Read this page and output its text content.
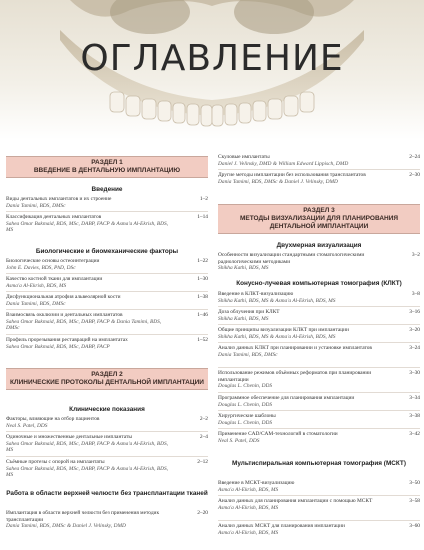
ОГЛАВЛЕНИЕ
РАЗДЕЛ 1
ВВЕДЕНИЕ В ДЕНТАЛЬНУЮ ИМПЛАНТАЦИЮ
Введение
Виды дентальных имплантатов и их строение
Dania Tamimi, BDS, DMSc
1–2
Классификация дентальных имплантатов
Sahea Omar Bakmaid, BDS, MSc, DABP, FACP & Asma'a Al-Ekrish, BDS, MS
1–14
Биологические и биомеханические факторы
Биологические основы остеоинтеграции
John E. Davies, BDS, PhD, DSc
1–22
Качество костной ткани для имплантации
Asma'a Al-Ekrish, BDS, MS
1–30
Дисфункциональная атрофия альвеолярной кости
Dania Tamimi, BDS, DMSc
1–38
Взаимосвязь окклюзии и дентальных имплантатов
Sahea Omar Bakmaid, BDS, MSc, DABP, FACP & Dania Tamimi, BDS, DMSc
1–46
Профиль прорезывания реставраций на имплантатах
Sahea Omar Bakmaid, BDS, MSc, DABP, FACP
1–52
РАЗДЕЛ 2
КЛИНИЧЕСКИЕ ПРОТОКОЛЫ ДЕНТАЛЬНОЙ ИМПЛАНТАЦИИ
Клинические показания
Факторы, влияющие на отбор пациентов
Neal S. Patel, DDS
2–2
Одиночные и множественные дентальные имплантаты
Sahea Omar Bakmaid, BDS, MSc, DABP, FACP & Asma'a Al-Ekrish, BDS, MS
2–4
Съёмные протезы с опорой на имплантаты
Sahea Omar Bakmaid, BDS, MSc, DABP, FACP & Asma'a Al-Ekrish, BDS, MS
2–12
Работа в области верхней челюсти без трансплантации тканей
Имплантация в области верхней челюсти без применения методик трансплантации
Dania Tamimi, BDS, DMSc & Daniel J. Velinsky, DMD
2–20
Скуловые имплантаты
Daniel J. Velinsky, DMD & William Edward Lippisch, DMD
2–24
Другие методы имплантации без использования трансплантатов
Dania Tamimi, BDS, DMSc & Daniel J. Velinsky, DMD
2–30
РАЗДЕЛ 3
МЕТОДЫ ВИЗУАЛИЗАЦИИ ДЛЯ ПЛАНИРОВАНИЯ ДЕНТАЛЬНОЙ ИМПЛАНТАЦИИ
Двухмерная визуализация
Особенности визуализации стандартными стоматологическими радиологическими методиками
Shikha Kathi, BDS, MS
3–2
Конусно-лучевая компьютерная томография (КЛКТ)
Введение в КЛКТ-визуализацию
Shikha Kathi, BDS, MS & Asma'a Al-Ekrish, BDS, MS
3–8
Доза облучения при КЛКТ
Shikha Kathi, BDS, MS
3–16
Общие принципы визуализации КЛКТ при имплантации
Shikha Kathi, BDS, MS & Asma'a Al-Ekrish, BDS, MS
3–20
Анализ данных КЛКТ при планировании и установке имплантатов
Dania Tamimi, BDS, DMSc
3–24
Использование режимов объёмных реформатов при планировании имплантации
Douglas L. Chenin, DDS
3–30
Программное обеспечение для планирования имплантации
Douglas L. Chenin, DDS
3–34
Хирургические шаблоны
Douglas L. Chenin, DDS
3–38
Применение CAD/CAM-технологий в стоматологии
Neal S. Patel, DDS
3–42
Мультиспиральная компьютерная томография (МСКТ)
Введение в МСКТ-визуализацию
Asma'a Al-Ekrish, BDS, MS
3–50
Анализ данных для планирования имплантации с помощью МСКТ
Asma'a Al-Ekrish, BDS, MS
3–58
Анализ данных МСКТ для планирования имплантации
Asma'a Al-Ekrish, BDS, MS
3–60
